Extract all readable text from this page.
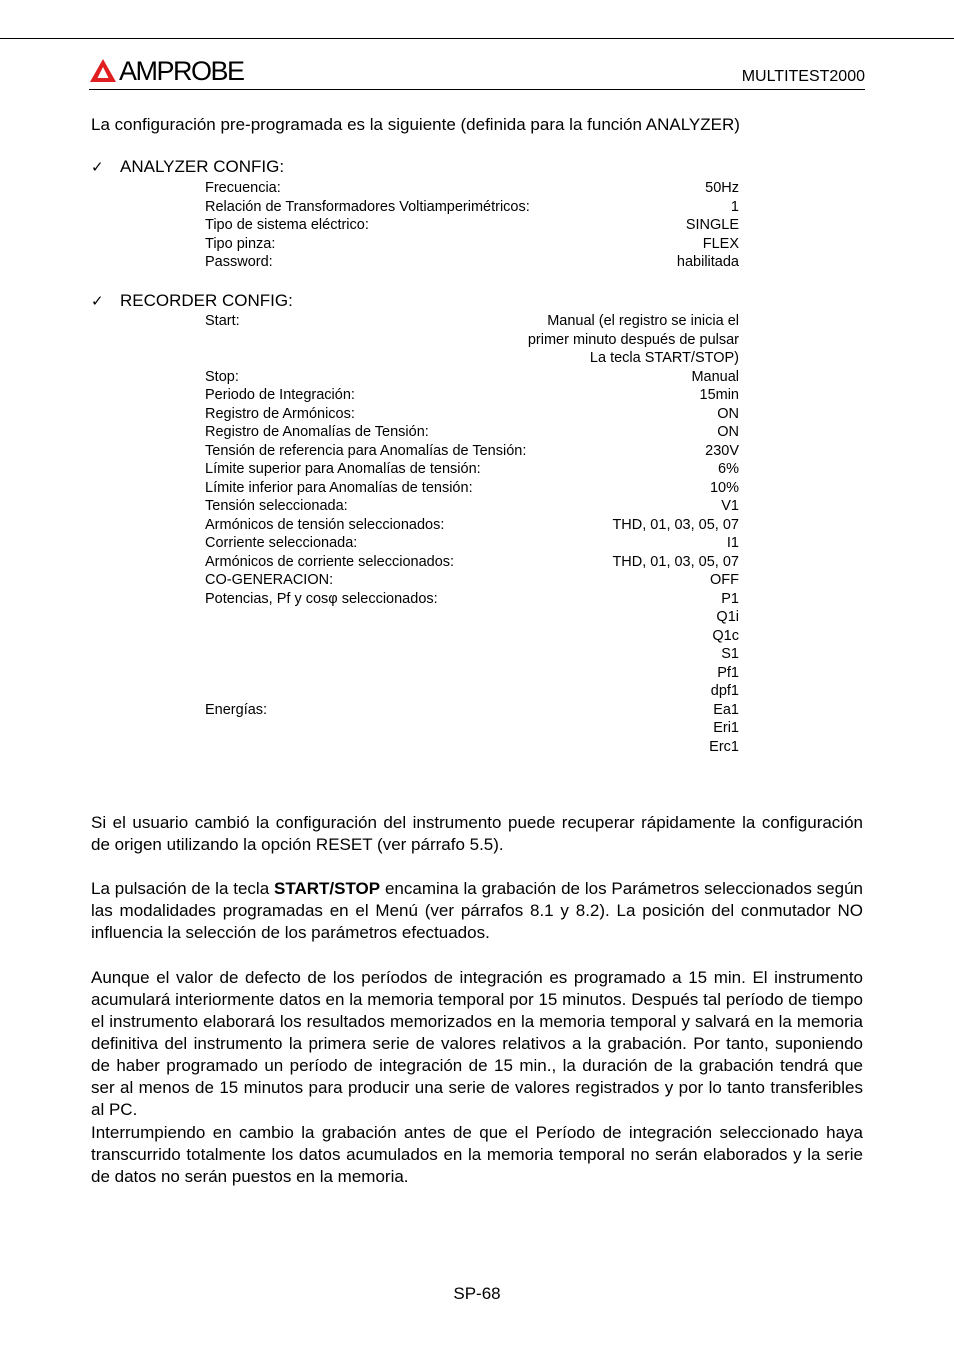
AMPROBE	MULTITEST2000
La configuración pre-programada es la siguiente (definida para la función ANALYZER)
✓ ANALYZER CONFIG:
Frecuencia:	50Hz
Relación de Transformadores Voltiamperimétricos:	1
Tipo de sistema eléctrico:	SINGLE
Tipo pinza:	FLEX
Password:	habilitada
✓ RECORDER CONFIG:
Start:	Manual (el registro se inicia el
primer minuto después de pulsar
La tecla START/STOP)
Stop:	Manual
Periodo de Integración:	15min
Registro de Armónicos:	ON
Registro de Anomalías de Tensión:	ON
Tensión de referencia para Anomalías de Tensión:	230V
Límite superior para Anomalías de tensión:	6%
Límite inferior para Anomalías de tensión:	10%
Tensión seleccionada:	V1
Armónicos de tensión seleccionados:	THD, 01, 03, 05, 07
Corriente seleccionada:	I1
Armónicos de corriente seleccionados:	THD, 01, 03, 05, 07
CO-GENERACION:	OFF
Potencias, Pf y cosφ seleccionados:	P1
Q1i
Q1c
S1
Pf1
dpf1
Energías:	Ea1
Eri1
Erc1

Si el usuario cambió la configuración del instrumento puede recuperar rápidamente la configuración de origen utilizando la opción RESET (ver párrafo 5.5).

La pulsación de la tecla START/STOP encamina la grabación de los Parámetros seleccionados según las modalidades programadas en el Menú (ver párrafos 8.1 y 8.2). La posición del conmutador NO influencia la selección de los parámetros efectuados.

Aunque el valor de defecto de los períodos de integración es programado a 15 min. El instrumento acumulará interiormente datos en la memoria temporal por 15 minutos. Después tal período de tiempo el instrumento elaborará los resultados memorizados en la memoria temporal y salvará en la memoria definitiva del instrumento la primera serie de valores relativos a la grabación. Por tanto, suponiendo de haber programado un período de integración de 15 min., la duración de la grabación tendrá que ser al menos de 15 minutos para producir una serie de valores registrados y por lo tanto transferibles al PC.

Interrumpiendo en cambio la grabación antes de que el Período de integración seleccionado haya transcurrido totalmente los datos acumulados en la memoria temporal no serán elaborados y la serie de datos no serán puestos en la memoria.

SP-68
